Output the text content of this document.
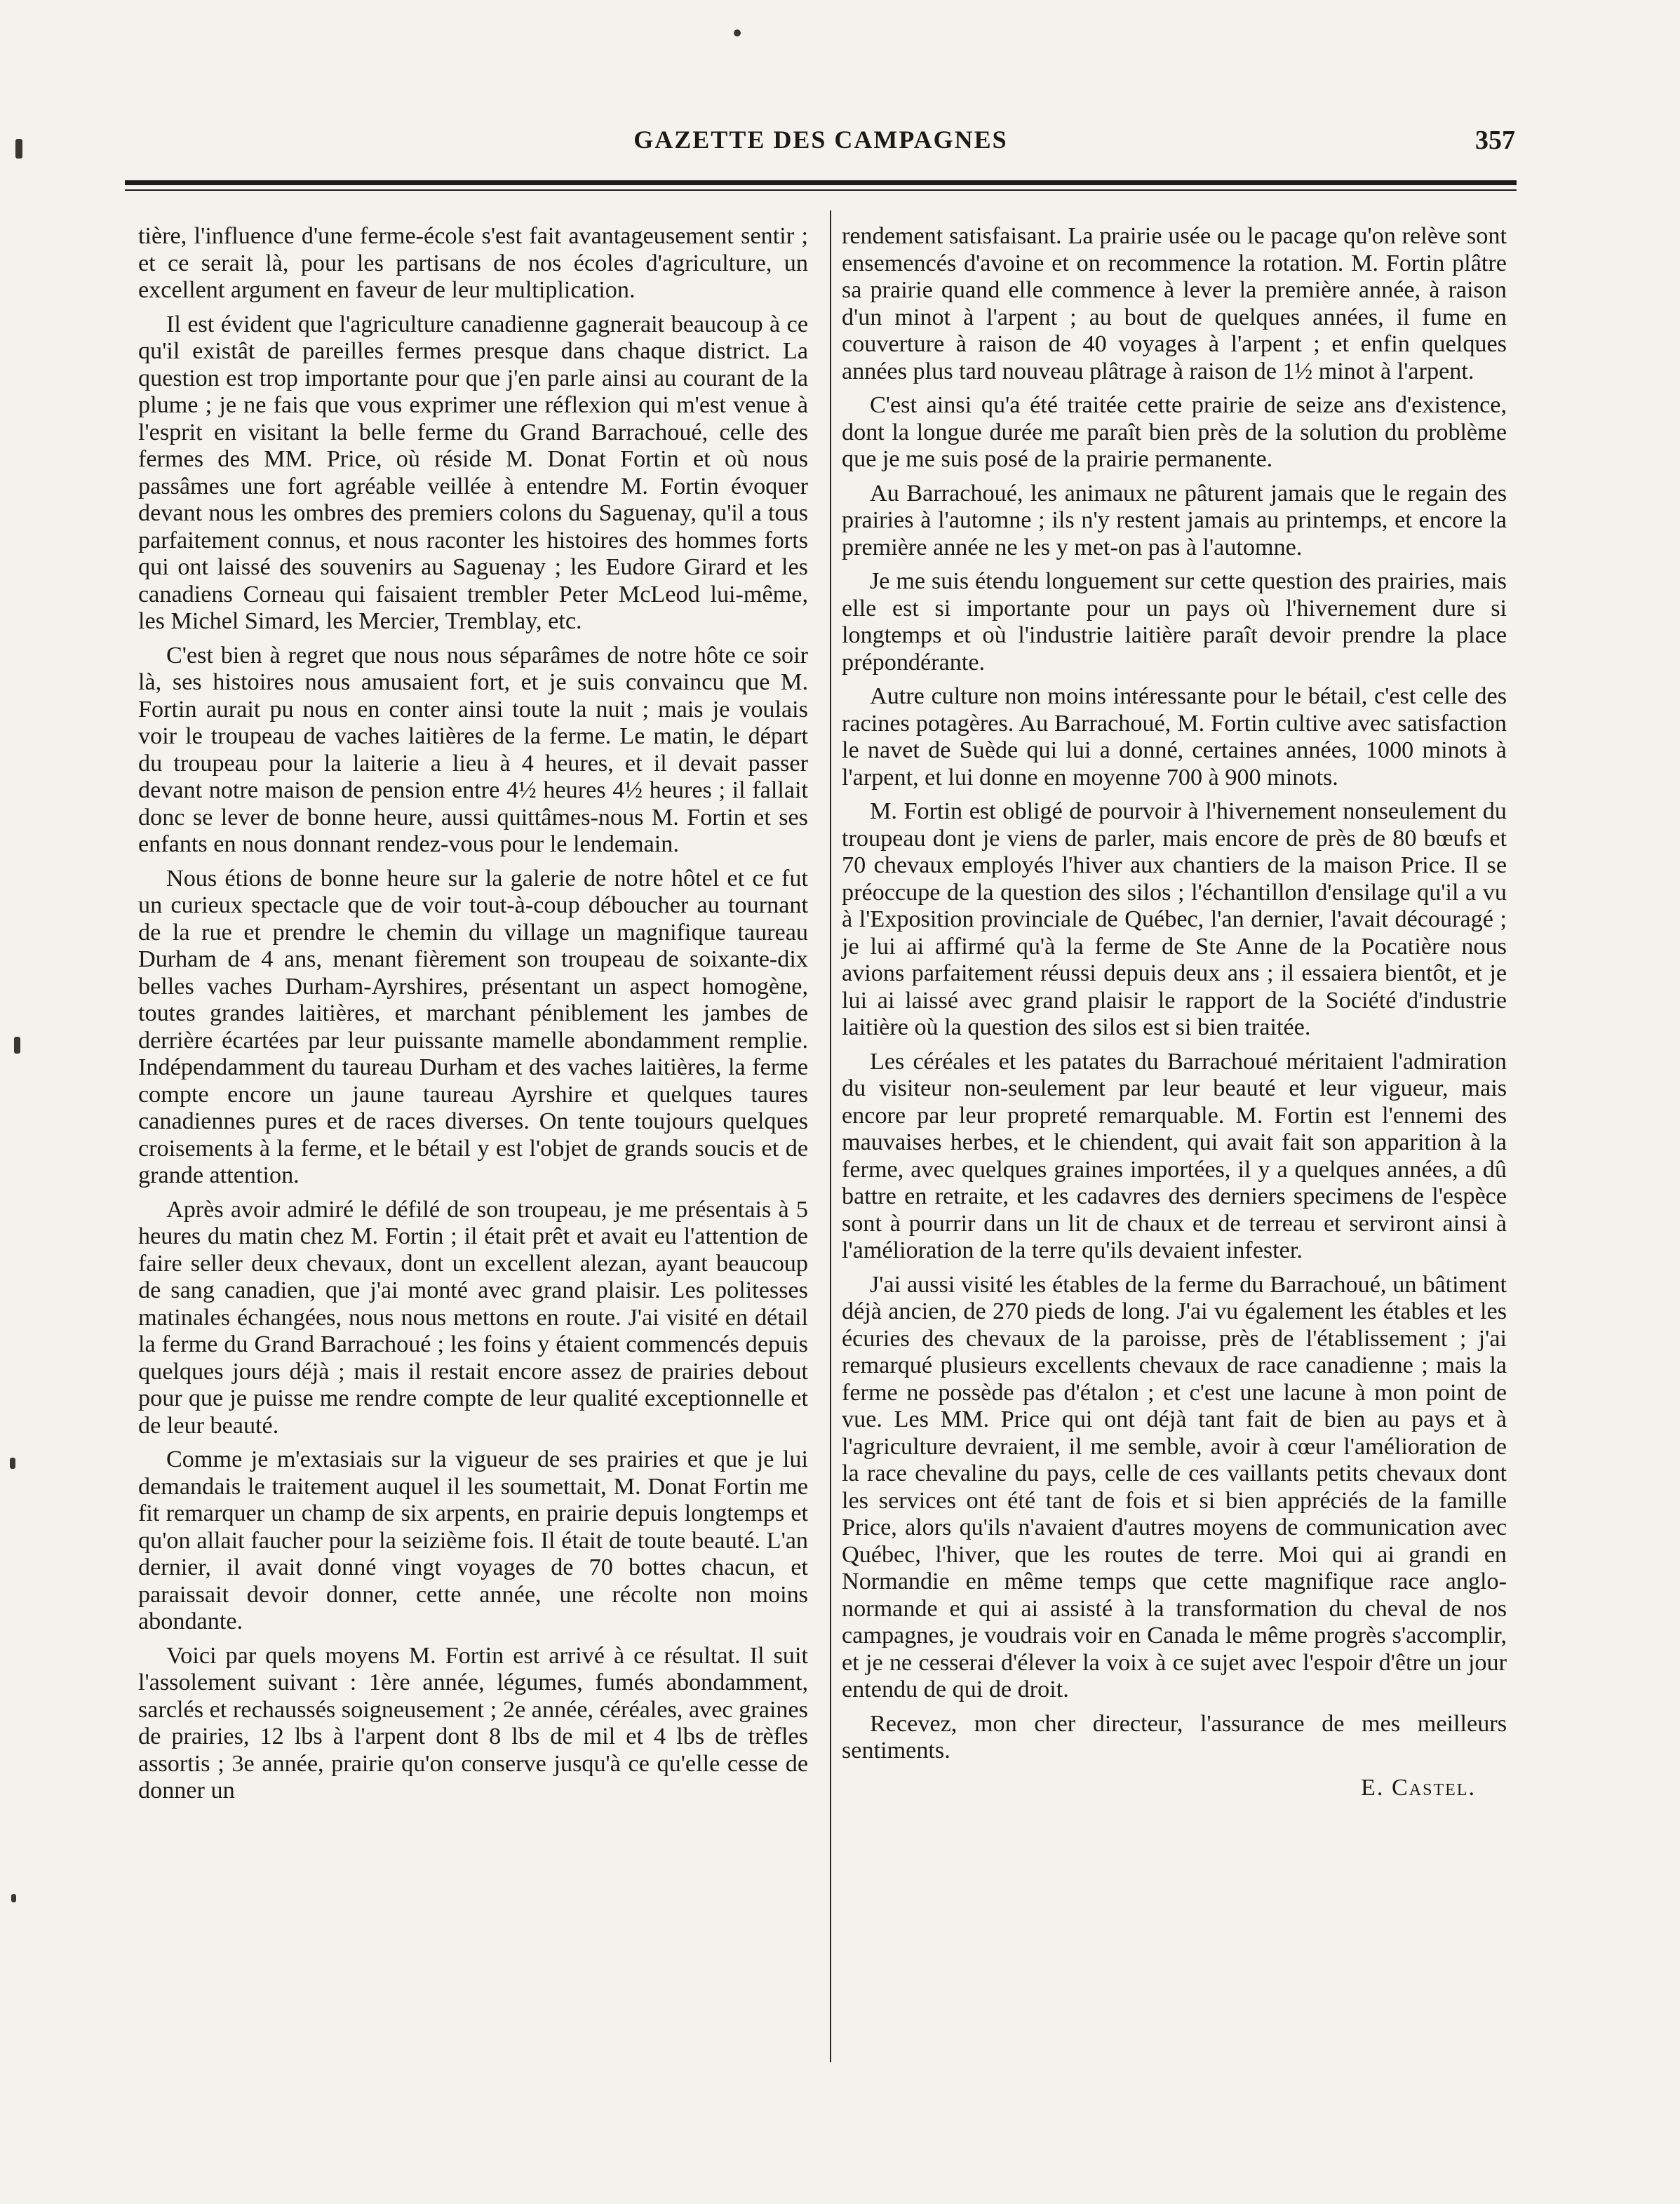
GAZETTE DES CAMPAGNES	357

tière, l'influence d'une ferme-école s'est fait avantageusement sentir ; et ce serait là, pour les partisans de nos écoles d'agriculture, un excellent argument en faveur de leur multiplication.

Il est évident que l'agriculture canadienne gagnerait beaucoup à ce qu'il existât de pareilles fermes presque dans chaque district. La question est trop importante pour que j'en parle ainsi au courant de la plume ; je ne fais que vous exprimer une réflexion qui m'est venue à l'esprit en visitant la belle ferme du Grand Barrachoué, celle des fermes des MM. Price, où réside M. Donat Fortin et où nous passâmes une fort agréable veillée à entendre M. Fortin évoquer devant nous les ombres des premiers colons du Saguenay, qu'il a tous parfaitement connus, et nous raconter les histoires des hommes forts qui ont laissé des souvenirs au Saguenay ; les Eudore Girard et les canadiens Corneau qui faisaient trembler Peter McLeod lui-même, les Michel Simard, les Mercier, Tremblay, etc.

C'est bien à regret que nous nous séparâmes de notre hôte ce soir là, ses histoires nous amusaient fort, et je suis convaincu que M. Fortin aurait pu nous en conter ainsi toute la nuit ; mais je voulais voir le troupeau de vaches laitières de la ferme. Le matin, le départ du troupeau pour la laiterie a lieu à 4 heures, et il devait passer devant notre maison de pension entre 4½ heures 4½ heures ; il fallait donc se lever de bonne heure, aussi quittâmes-nous M. Fortin et ses enfants en nous donnant rendez-vous pour le lendemain.

Nous étions de bonne heure sur la galerie de notre hôtel et ce fut un curieux spectacle que de voir tout-à-coup déboucher au tournant de la rue et prendre le chemin du village un magnifique taureau Durham de 4 ans, menant fièrement son troupeau de soixante-dix belles vaches Durham-Ayrshires, présentant un aspect homogène, toutes grandes laitières, et marchant péniblement les jambes de derrière écartées par leur puissante mamelle abondamment remplie. Indépendamment du taureau Durham et des vaches laitières, la ferme compte encore un jaune taureau Ayrshire et quelques taures canadiennes pures et de races diverses. On tente toujours quelques croisements à la ferme, et le bétail y est l'objet de grands soucis et de grande attention.

Après avoir admiré le défilé de son troupeau, je me présentais à 5 heures du matin chez M. Fortin ; il était prêt et avait eu l'attention de faire seller deux chevaux, dont un excellent alezan, ayant beaucoup de sang canadien, que j'ai monté avec grand plaisir. Les politesses matinales échangées, nous nous mettons en route. J'ai visité en détail la ferme du Grand Barrachoué ; les foins y étaient commencés depuis quelques jours déjà ; mais il restait encore assez de prairies debout pour que je puisse me rendre compte de leur qualité exceptionnelle et de leur beauté.

Comme je m'extasiais sur la vigueur de ses prairies et que je lui demandais le traitement auquel il les soumettait, M. Donat Fortin me fit remarquer un champ de six arpents, en prairie depuis longtemps et qu'on allait faucher pour la seizième fois. Il était de toute beauté. L'an dernier, il avait donné vingt voyages de 70 bottes chacun, et paraissait devoir donner, cette année, une récolte non moins abondante.

Voici par quels moyens M. Fortin est arrivé à ce résultat. Il suit l'assolement suivant : 1ère année, légumes, fumés abondamment, sarclés et rechaussés soigneusement ; 2e année, céréales, avec graines de prairies, 12 lbs à l'arpent dont 8 lbs de mil et 4 lbs de trèfles assortis ; 3e année, prairie qu'on conserve jusqu'à ce qu'elle cesse de donner un

rendement satisfaisant. La prairie usée ou le pacage qu'on relève sont ensemencés d'avoine et on recommence la rotation. M. Fortin plâtre sa prairie quand elle commence à lever la première année, à raison d'un minot à l'arpent ; au bout de quelques années, il fume en couverture à raison de 40 voyages à l'arpent ; et enfin quelques années plus tard nouveau plâtrage à raison de 1½ minot à l'arpent.

C'est ainsi qu'a été traitée cette prairie de seize ans d'existence, dont la longue durée me paraît bien près de la solution du problème que je me suis posé de la prairie permanente.

Au Barrachoué, les animaux ne pâturent jamais que le regain des prairies à l'automne ; ils n'y restent jamais au printemps, et encore la première année ne les y met-on pas à l'automne.

Je me suis étendu longuement sur cette question des prairies, mais elle est si importante pour un pays où l'hivernement dure si longtemps et où l'industrie laitière paraît devoir prendre la place prépondérante.

Autre culture non moins intéressante pour le bétail, c'est celle des racines potagères. Au Barrachoué, M. Fortin cultive avec satisfaction le navet de Suède qui lui a donné, certaines années, 1000 minots à l'arpent, et lui donne en moyenne 700 à 900 minots.

M. Fortin est obligé de pourvoir à l'hivernement nonseulement du troupeau dont je viens de parler, mais encore de près de 80 bœufs et 70 chevaux employés l'hiver aux chantiers de la maison Price. Il se préoccupe de la question des silos ; l'échantillon d'ensilage qu'il a vu à l'Exposition provinciale de Québec, l'an dernier, l'avait découragé ; je lui ai affirmé qu'à la ferme de Ste Anne de la Pocatière nous avions parfaitement réussi depuis deux ans ; il essaiera bientôt, et je lui ai laissé avec grand plaisir le rapport de la Société d'industrie laitière où la question des silos est si bien traitée.

Les céréales et les patates du Barrachoué méritaient l'admiration du visiteur non-seulement par leur beauté et leur vigueur, mais encore par leur propreté remarquable. M. Fortin est l'ennemi des mauvaises herbes, et le chiendent, qui avait fait son apparition à la ferme, avec quelques graines importées, il y a quelques années, a dû battre en retraite, et les cadavres des derniers specimens de l'espèce sont à pourrir dans un lit de chaux et de terreau et serviront ainsi à l'amélioration de la terre qu'ils devaient infester.

J'ai aussi visité les étables de la ferme du Barrachoué, un bâtiment déjà ancien, de 270 pieds de long. J'ai vu également les étables et les écuries des chevaux de la paroisse, près de l'établissement ; j'ai remarqué plusieurs excellents chevaux de race canadienne ; mais la ferme ne possède pas d'étalon ; et c'est une lacune à mon point de vue. Les MM. Price qui ont déjà tant fait de bien au pays et à l'agriculture devraient, il me semble, avoir à cœur l'amélioration de la race chevaline du pays, celle de ces vaillants petits chevaux dont les services ont été tant de fois et si bien appréciés de la famille Price, alors qu'ils n'avaient d'autres moyens de communication avec Québec, l'hiver, que les routes de terre. Moi qui ai grandi en Normandie en même temps que cette magnifique race anglo-normande et qui ai assisté à la transformation du cheval de nos campagnes, je voudrais voir en Canada le même progrès s'accomplir, et je ne cesserai d'élever la voix à ce sujet avec l'espoir d'être un jour entendu de qui de droit.

Recevez, mon cher directeur, l'assurance de mes meilleurs sentiments.

E. Castel.
